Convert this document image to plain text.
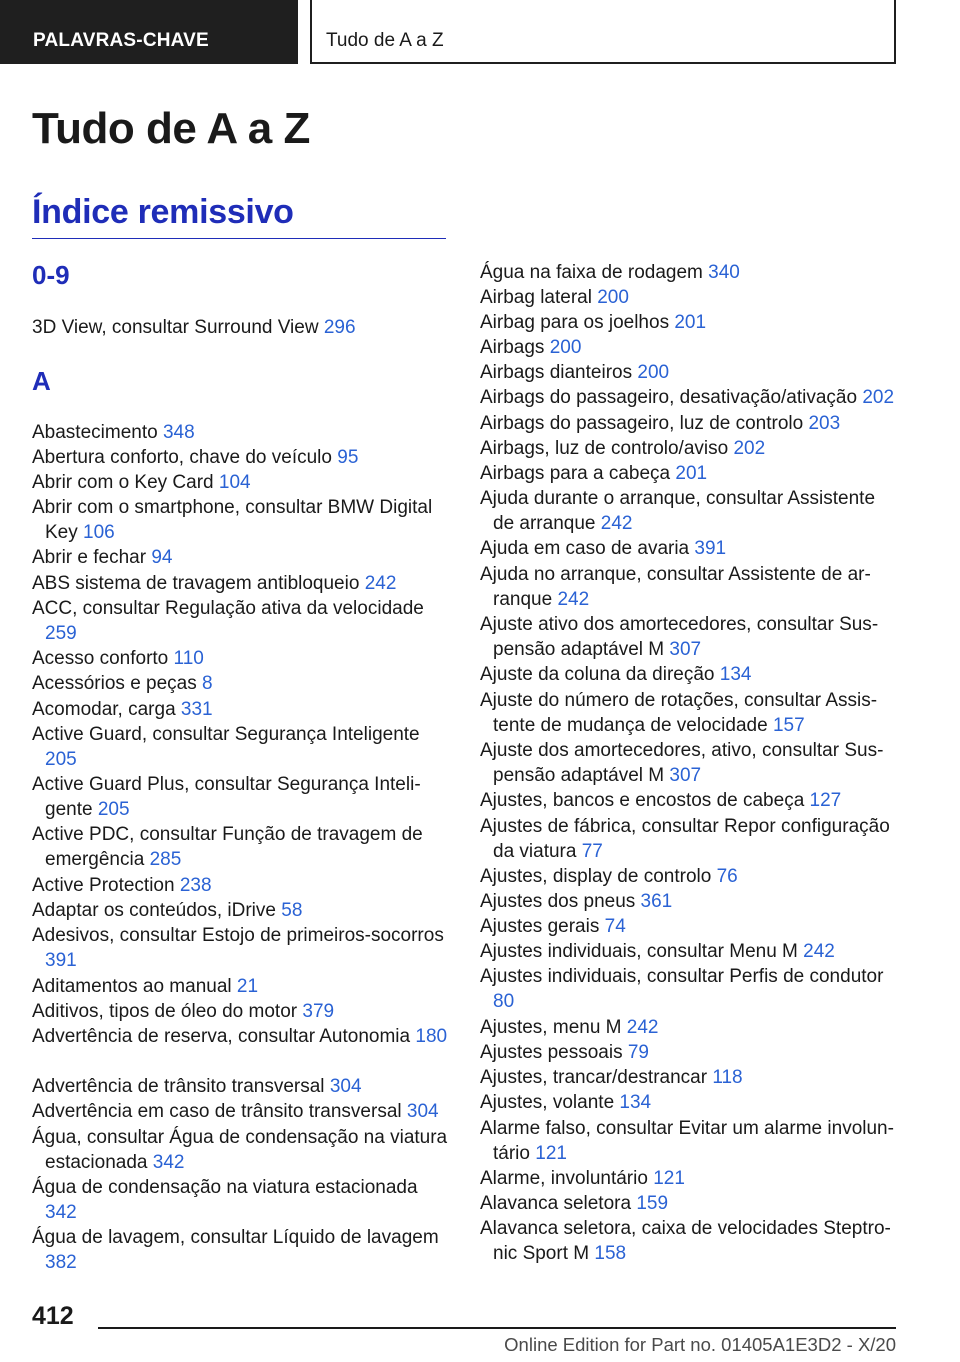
PALAVRAS-CHAVE	Tudo de A a Z
Tudo de A a Z
Índice remissivo
0-9
A
3D View, consultar Surround View 296
Abastecimento 348
Abertura conforto, chave do veículo 95
Abrir com o Key Card 104
Abrir com o smartphone, consultar BMW Digital Key 106
Abrir e fechar 94
ABS sistema de travagem antibloqueio 242
ACC, consultar Regulação ativa da velocidade 259
Acesso conforto 110
Acessórios e peças 8
Acomodar, carga 331
Active Guard, consultar Segurança Inteligente 205
Active Guard Plus, consultar Segurança Inteligente 205
Active PDC, consultar Função de travagem de emergência 285
Active Protection 238
Adaptar os conteúdos, iDrive 58
Adesivos, consultar Estojo de primeiros-socorros 391
Aditamentos ao manual 21
Aditivos, tipos de óleo do motor 379
Advertência de reserva, consultar Autonomia 180
Advertência de trânsito transversal 304
Advertência em caso de trânsito transversal 304
Água, consultar Água de condensação na viatura estacionada 342
Água de condensação na viatura estacionada 342
Água de lavagem, consultar Líquido de lavagem 382
Água na faixa de rodagem 340
Airbag lateral 200
Airbag para os joelhos 201
Airbags 200
Airbags dianteiros 200
Airbags do passageiro, desativação/ativação 202
Airbags do passageiro, luz de controlo 203
Airbags, luz de controlo/aviso 202
Airbags para a cabeça 201
Ajuda durante o arranque, consultar Assistente de arranque 242
Ajuda em caso de avaria 391
Ajuda no arranque, consultar Assistente de arranque 242
Ajuste ativo dos amortecedores, consultar Suspensão adaptável M 307
Ajuste da coluna da direção 134
Ajuste do número de rotações, consultar Assistente de mudança de velocidade 157
Ajuste dos amortecedores, ativo, consultar Suspensão adaptável M 307
Ajustes, bancos e encostos de cabeça 127
Ajustes de fábrica, consultar Repor configuração da viatura 77
Ajustes, display de controlo 76
Ajustes dos pneus 361
Ajustes gerais 74
Ajustes individuais, consultar Menu M 242
Ajustes individuais, consultar Perfis de condutor 80
Ajustes, menu M 242
Ajustes pessoais 79
Ajustes, trancar/destrancar 118
Ajustes, volante 134
Alarme falso, consultar Evitar um alarme involuntário 121
Alarme, involuntário 121
Alavanca seletora 159
Alavanca seletora, caixa de velocidades Steptronic Sport M 158
412
Online Edition for Part no. 01405A1E3D2 - X/20
